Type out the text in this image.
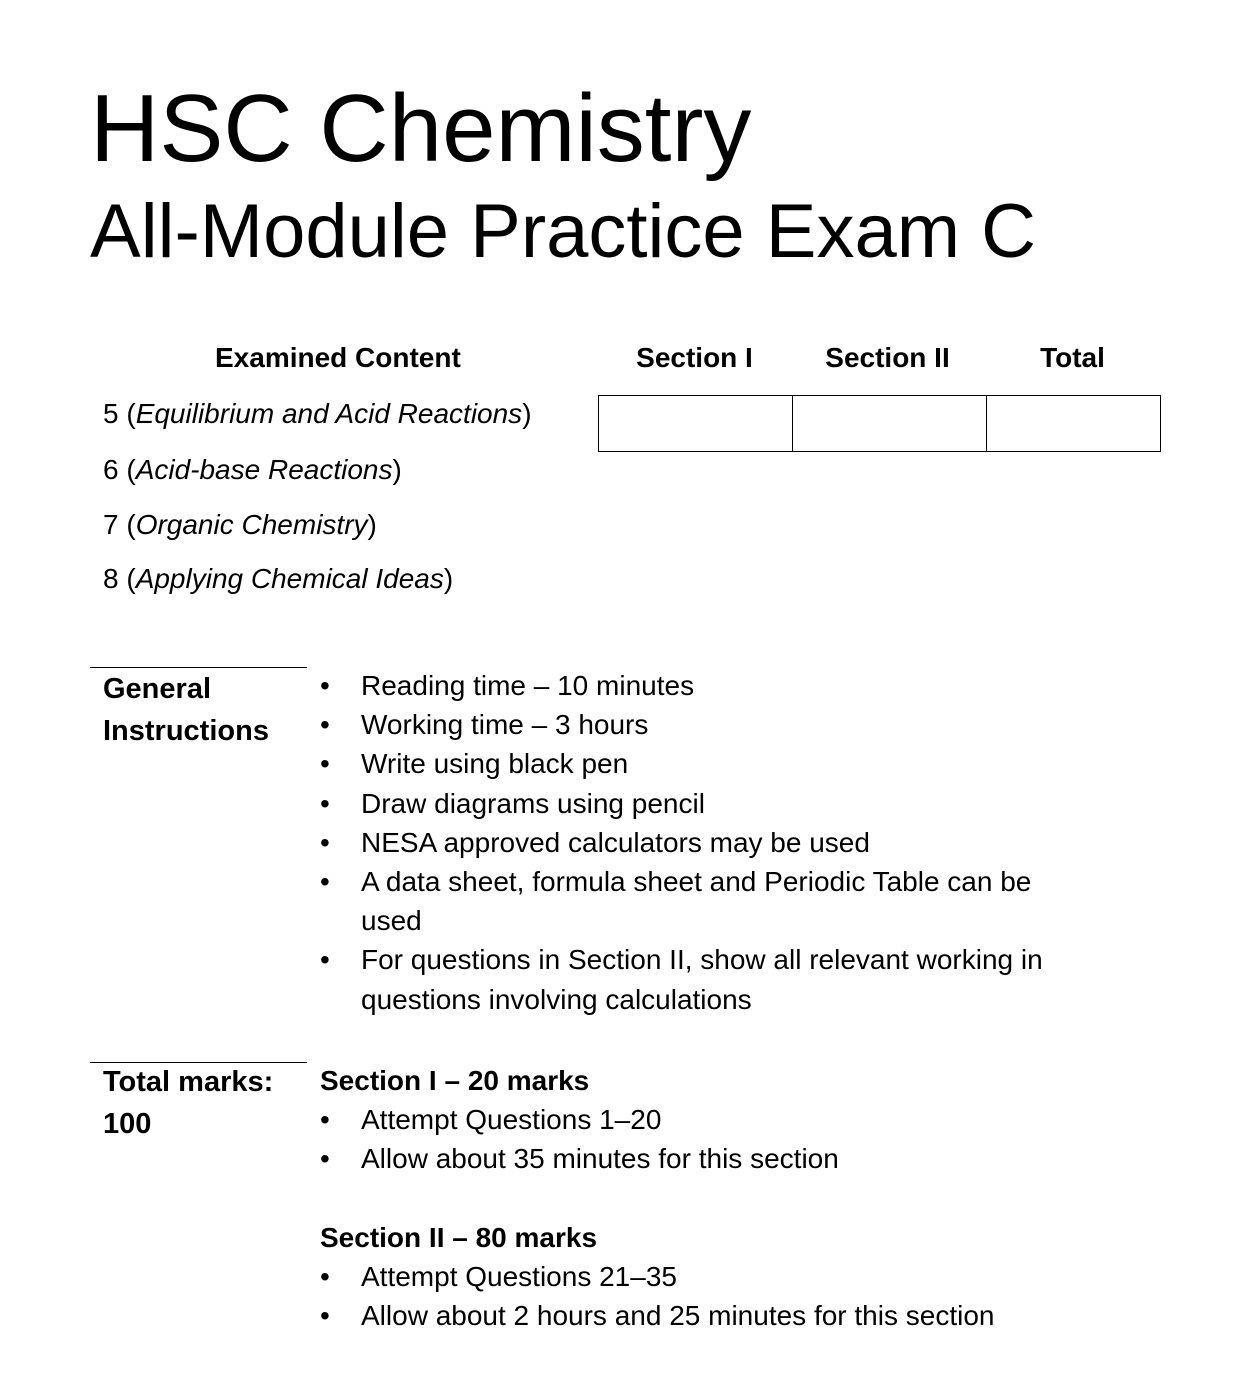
HSC Chemistry
All-Module Practice Exam C
Examined Content	Section I	Section II	Total
5 (Equilibrium and Acid Reactions)
6 (Acid-base Reactions)
7 (Organic Chemistry)
8 (Applying Chemical Ideas)

General
Instructions
• Reading time – 10 minutes
• Working time – 3 hours
• Write using black pen
• Draw diagrams using pencil
• NESA approved calculators may be used
• A data sheet, formula sheet and Periodic Table can be used
• For questions in Section II, show all relevant working in questions involving calculations
Total marks:
100
Section I – 20 marks
• Attempt Questions 1–20
• Allow about 35 minutes for this section
Section II – 80 marks
• Attempt Questions 21–35
• Allow about 2 hours and 25 minutes for this section
